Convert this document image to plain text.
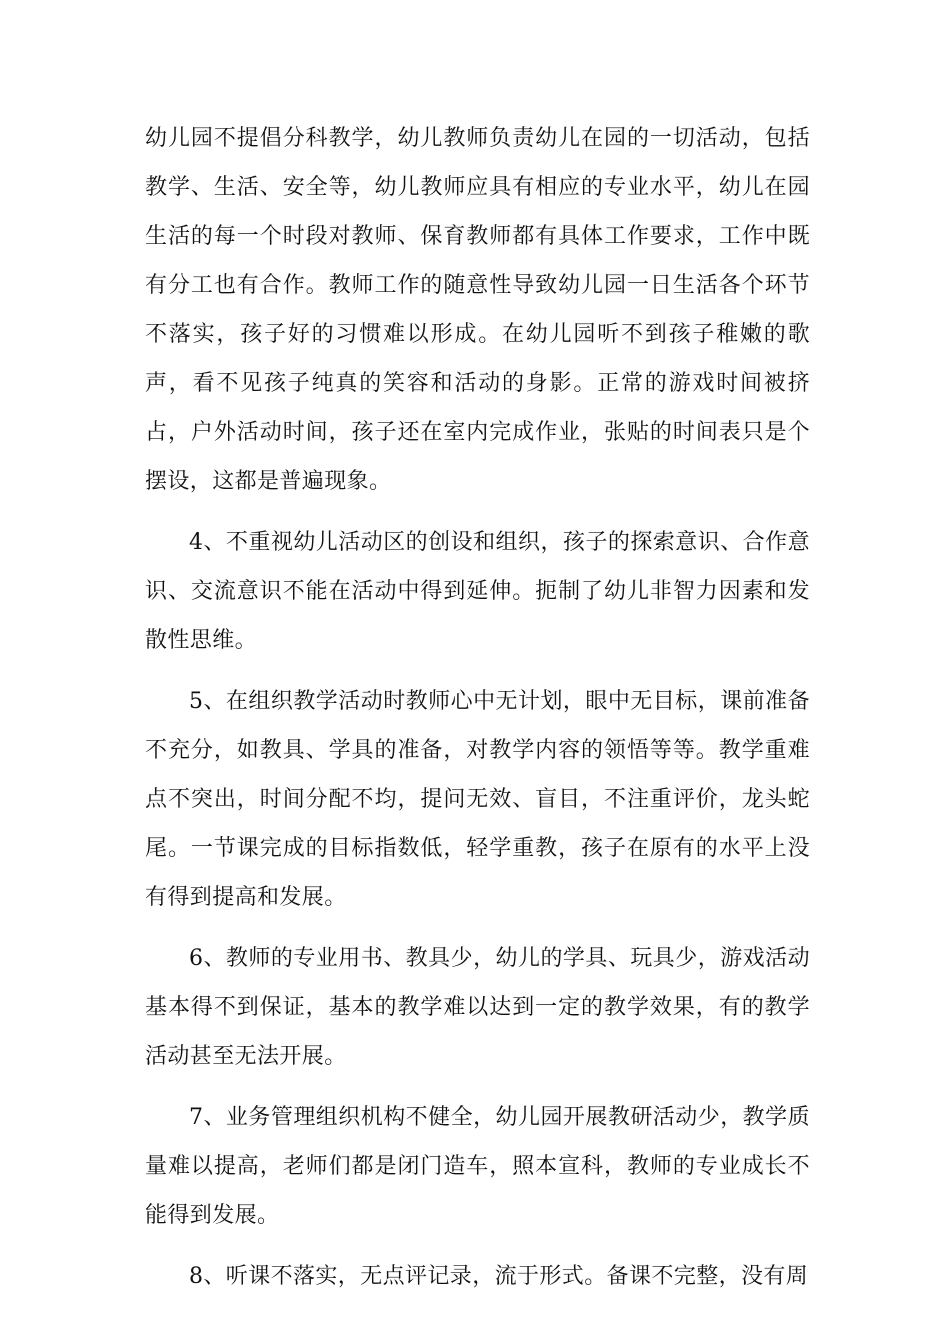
幼儿园不提倡分科教学，幼儿教师负责幼儿在园的一切活动，包括教学、生活、安全等，幼儿教师应具有相应的专业水平，幼儿在园生活的每一个时段对教师、保育教师都有具体工作要求，工作中既有分工也有合作。教师工作的随意性导致幼儿园一日生活各个环节不落实，孩子好的习惯难以形成。在幼儿园听不到孩子稚嫩的歌声，看不见孩子纯真的笑容和活动的身影。正常的游戏时间被挤占，户外活动时间，孩子还在室内完成作业，张贴的时间表只是个摆设，这都是普遍现象。

4、不重视幼儿活动区的创设和组织，孩子的探索意识、合作意识、交流意识不能在活动中得到延伸。扼制了幼儿非智力因素和发散性思维。

5、在组织教学活动时教师心中无计划，眼中无目标，课前准备不充分，如教具、学具的准备，对教学内容的领悟等等。教学重难点不突出，时间分配不均，提问无效、盲目，不注重评价，龙头蛇尾。一节课完成的目标指数低，轻学重教，孩子在原有的水平上没有得到提高和发展。

6、教师的专业用书、教具少，幼儿的学具、玩具少，游戏活动基本得不到保证，基本的教学难以达到一定的教学效果，有的教学活动甚至无法开展。

7、业务管理组织机构不健全，幼儿园开展教研活动少，教学质量难以提高，老师们都是闭门造车，照本宣科，教师的专业成长不能得到发展。

8、听课不落实，无点评记录，流于形式。备课不完整，没有周
